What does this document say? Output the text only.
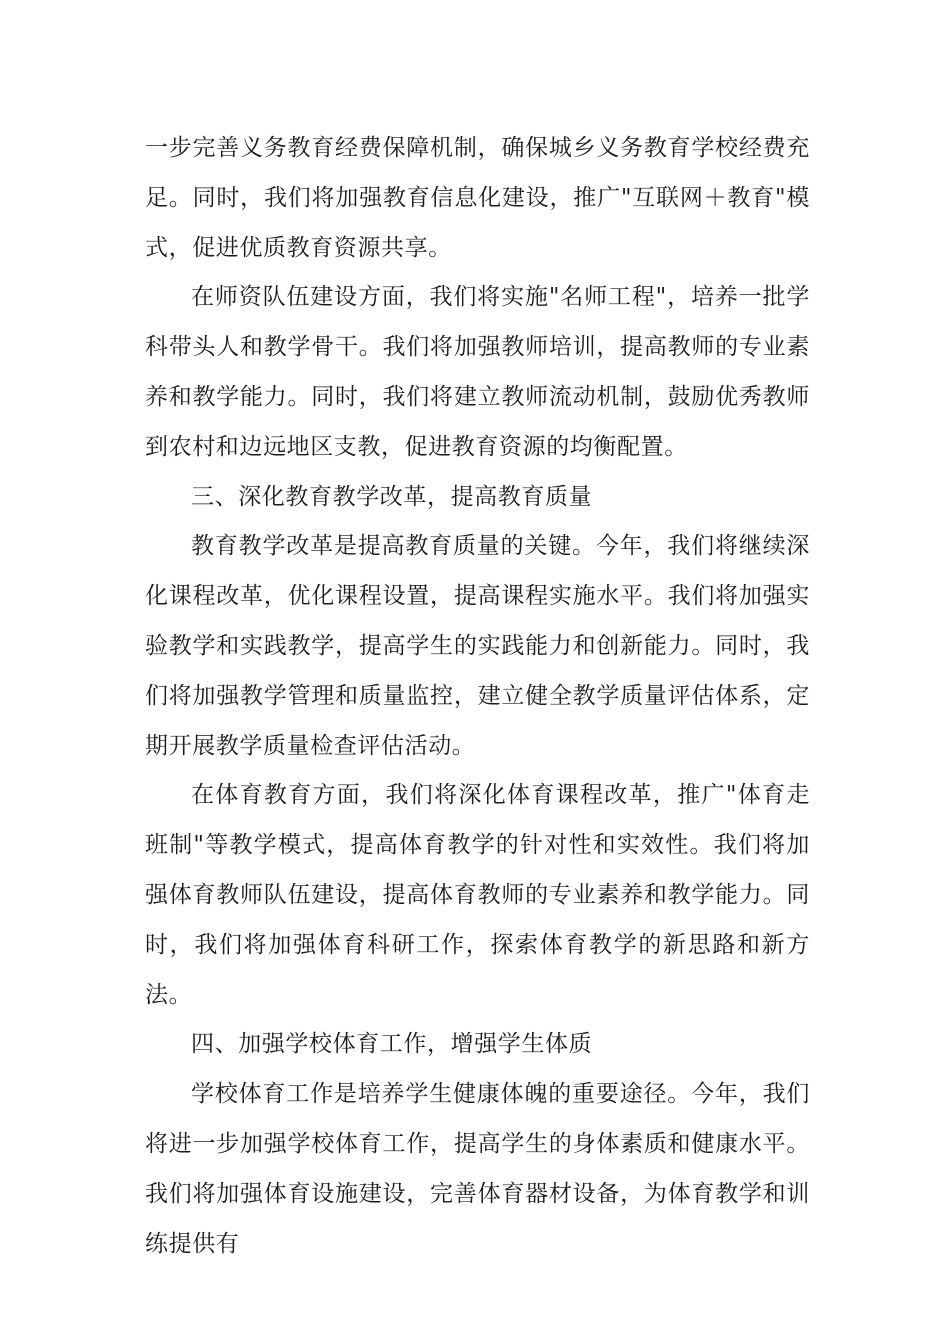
一步完善义务教育经费保障机制，确保城乡义务教育学校经费充足。同时，我们将加强教育信息化建设，推广"互联网＋教育"模式，促进优质教育资源共享。

在师资队伍建设方面，我们将实施"名师工程"，培养一批学科带头人和教学骨干。我们将加强教师培训，提高教师的专业素养和教学能力。同时，我们将建立教师流动机制，鼓励优秀教师到农村和边远地区支教，促进教育资源的均衡配置。

三、深化教育教学改革，提高教育质量

教育教学改革是提高教育质量的关键。今年，我们将继续深化课程改革，优化课程设置，提高课程实施水平。我们将加强实验教学和实践教学，提高学生的实践能力和创新能力。同时，我们将加强教学管理和质量监控，建立健全教学质量评估体系，定期开展教学质量检查评估活动。

在体育教育方面，我们将深化体育课程改革，推广"体育走班制"等教学模式，提高体育教学的针对性和实效性。我们将加强体育教师队伍建设，提高体育教师的专业素养和教学能力。同时，我们将加强体育科研工作，探索体育教学的新思路和新方法。

四、加强学校体育工作，增强学生体质

学校体育工作是培养学生健康体魄的重要途径。今年，我们将进一步加强学校体育工作，提高学生的身体素质和健康水平。我们将加强体育设施建设，完善体育器材设备，为体育教学和训练提供有
